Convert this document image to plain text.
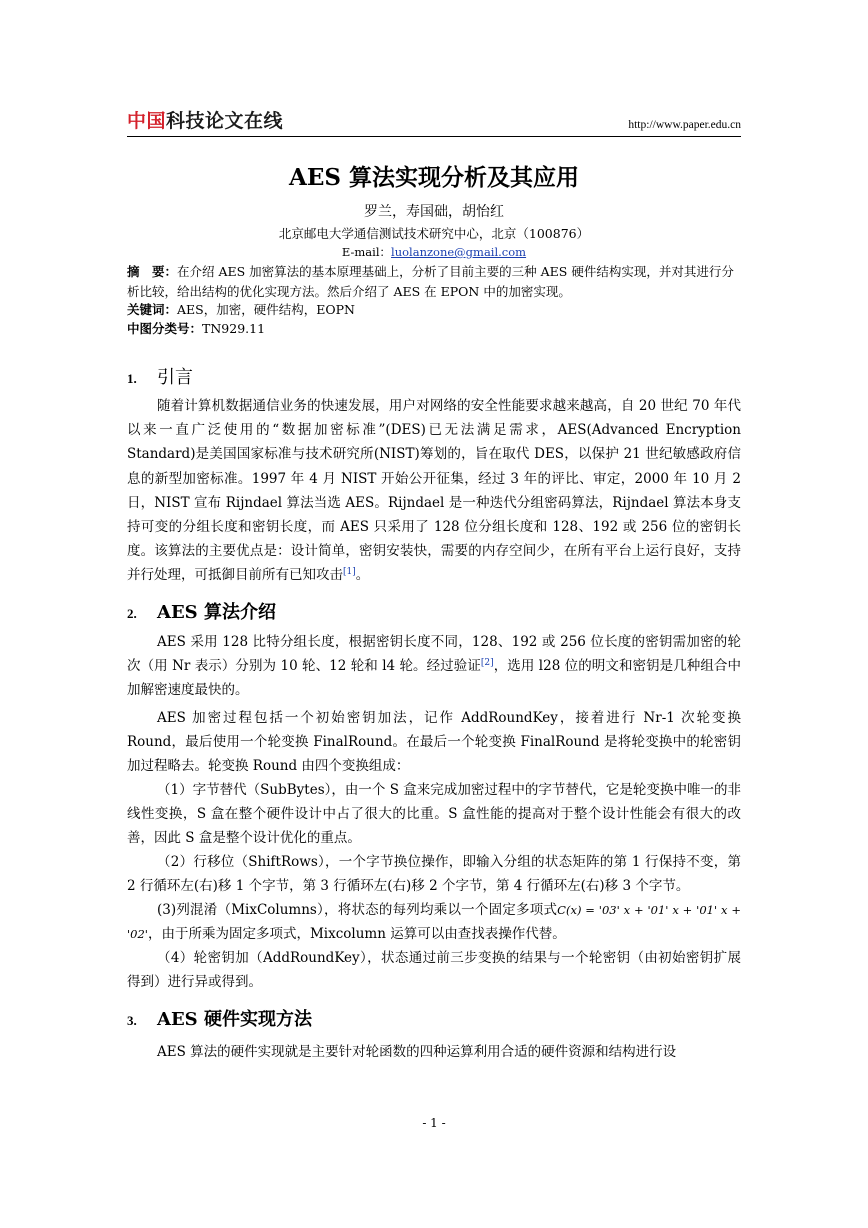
中国科技论文在线	http://www.paper.edu.cn
AES 算法实现分析及其应用
罗兰，寿国础，胡怡红
北京邮电大学通信测试技术研究中心，北京（100876）
E-mail：luolanzone@gmail.com
摘　要：在介绍 AES 加密算法的基本原理基础上，分析了目前主要的三种 AES 硬件结构实现，并对其进行分析比较，给出结构的优化实现方法。然后介绍了 AES 在 EPON 中的加密实现。
关键词：AES，加密，硬件结构，EOPN
中图分类号：TN929.11
1. 引言
随着计算机数据通信业务的快速发展，用户对网络的安全性能要求越来越高，自 20 世纪 70 年代以来一直广泛使用的“数据加密标准”(DES)已无法满足需求，AES(Advanced Encryption Standard)是美国国家标准与技术研究所(NIST)筹划的，旨在取代 DES，以保护 21 世纪敏感政府信息的新型加密标准。1997 年 4 月 NIST 开始公开征集，经过 3 年的评比、审定，2000 年 10 月 2 日，NIST 宣布 Rijndael 算法当选 AES。Rijndael 是一种迭代分组密码算法，Rijndael 算法本身支持可变的分组长度和密钥长度，而 AES 只采用了 128 位分组长度和 128、192 或 256 位的密钥长度。该算法的主要优点是：设计简单，密钥安装快，需要的内存空间少，在所有平台上运行良好，支持并行处理，可抵御目前所有已知攻击[1]。
2. AES 算法介绍
AES 采用 128 比特分组长度，根据密钥长度不同，128、192 或 256 位长度的密钥需加密的轮次（用 Nr 表示）分别为 10 轮、12 轮和 l4 轮。经过验证[2]，选用 l28 位的明文和密钥是几种组合中加解密速度最快的。
AES 加密过程包括一个初始密钥加法，记作 AddRoundKey，接着进行 Nr-1 次轮变换 Round，最后使用一个轮变换 FinalRound。在最后一个轮变换 FinalRound 是将轮变换中的轮密钥加过程略去。轮变换 Round 由四个变换组成：
（1）字节替代（SubBytes），由一个 S 盒来完成加密过程中的字节替代，它是轮变换中唯一的非线性变换，S 盒在整个硬件设计中占了很大的比重。S 盒性能的提高对于整个设计性能会有很大的改善，因此 S 盒是整个设计优化的重点。
（2）行移位（ShiftRows），一个字节换位操作，即输入分组的状态矩阵的第 1 行保持不变，第 2 行循环左(右)移 1 个字节，第 3 行循环左(右)移 2 个字节，第 4 行循环左(右)移 3 个字节。
(3)列混淆（MixColumns），将状态的每列均乘以一个固定多项式C(x) = '03' x + '01' x + '01' x + '02'，由于所乘为固定多项式，Mixcolumn 运算可以由查找表操作代替。
（4）轮密钥加（AddRoundKey），状态通过前三步变换的结果与一个轮密钥（由初始密钥扩展得到）进行异或得到。
3. AES 硬件实现方法
AES 算法的硬件实现就是主要针对轮函数的四种运算利用合适的硬件资源和结构进行设
- 1 -
